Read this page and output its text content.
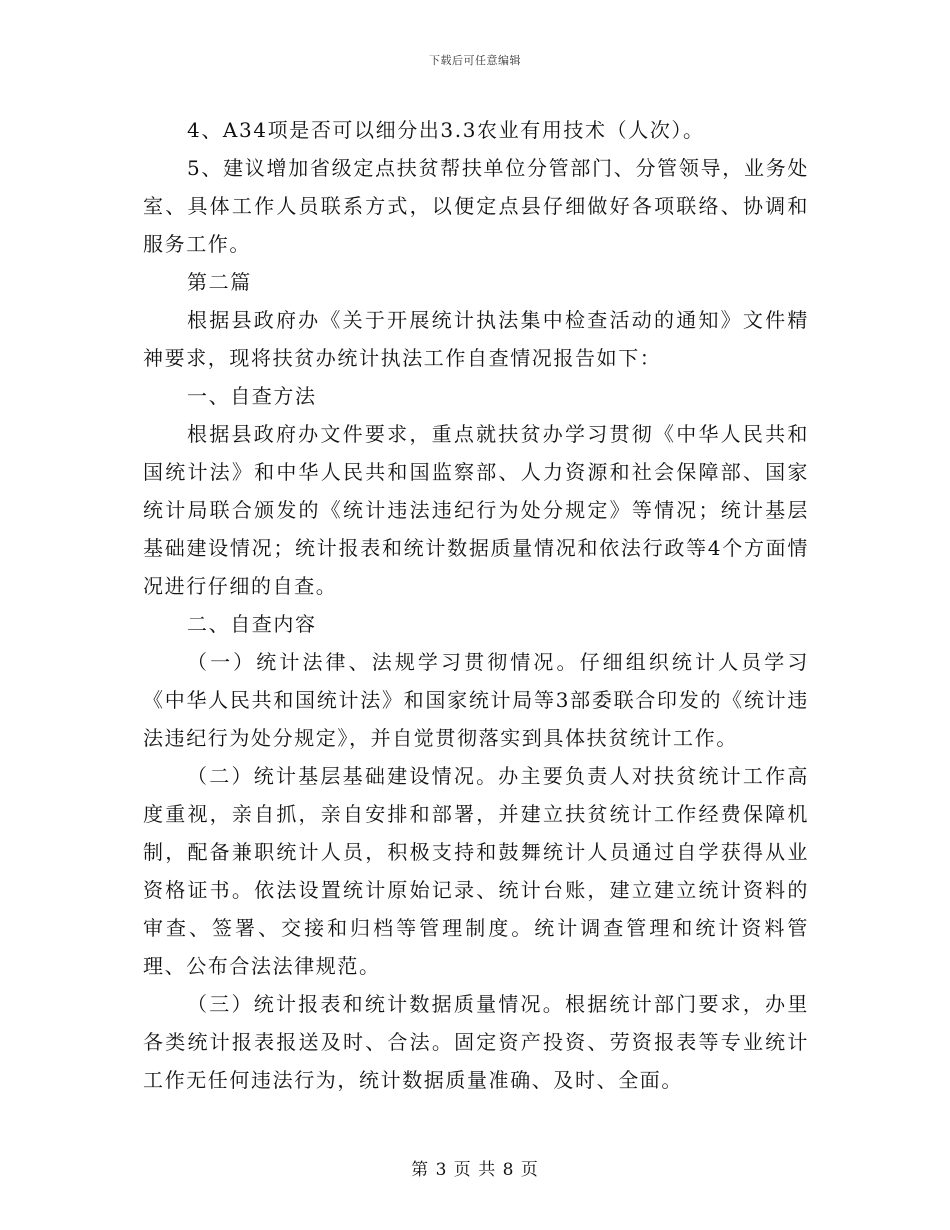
下载后可任意编辑

4、A34项是否可以细分出3.3农业有用技术（人次）。

5、建议增加省级定点扶贫帮扶单位分管部门、分管领导，业务处室、具体工作人员联系方式，以便定点县仔细做好各项联络、协调和服务工作。

第二篇

根据县政府办《关于开展统计执法集中检查活动的通知》文件精神要求，现将扶贫办统计执法工作自查情况报告如下：

一、自查方法

根据县政府办文件要求，重点就扶贫办学习贯彻《中华人民共和国统计法》和中华人民共和国监察部、人力资源和社会保障部、国家统计局联合颁发的《统计违法违纪行为处分规定》等情况；统计基层基础建设情况；统计报表和统计数据质量情况和依法行政等4个方面情况进行仔细的自查。

二、自查内容

（一）统计法律、法规学习贯彻情况。仔细组织统计人员学习《中华人民共和国统计法》和国家统计局等3部委联合印发的《统计违法违纪行为处分规定》，并自觉贯彻落实到具体扶贫统计工作。

（二）统计基层基础建设情况。办主要负责人对扶贫统计工作高度重视，亲自抓，亲自安排和部署，并建立扶贫统计工作经费保障机制，配备兼职统计人员，积极支持和鼓舞统计人员通过自学获得从业资格证书。依法设置统计原始记录、统计台账，建立建立统计资料的审查、签署、交接和归档等管理制度。统计调查管理和统计资料管理、公布合法法律规范。

（三）统计报表和统计数据质量情况。根据统计部门要求，办里各类统计报表报送及时、合法。固定资产投资、劳资报表等专业统计工作无任何违法行为，统计数据质量准确、及时、全面。

第 3 页 共 8 页
